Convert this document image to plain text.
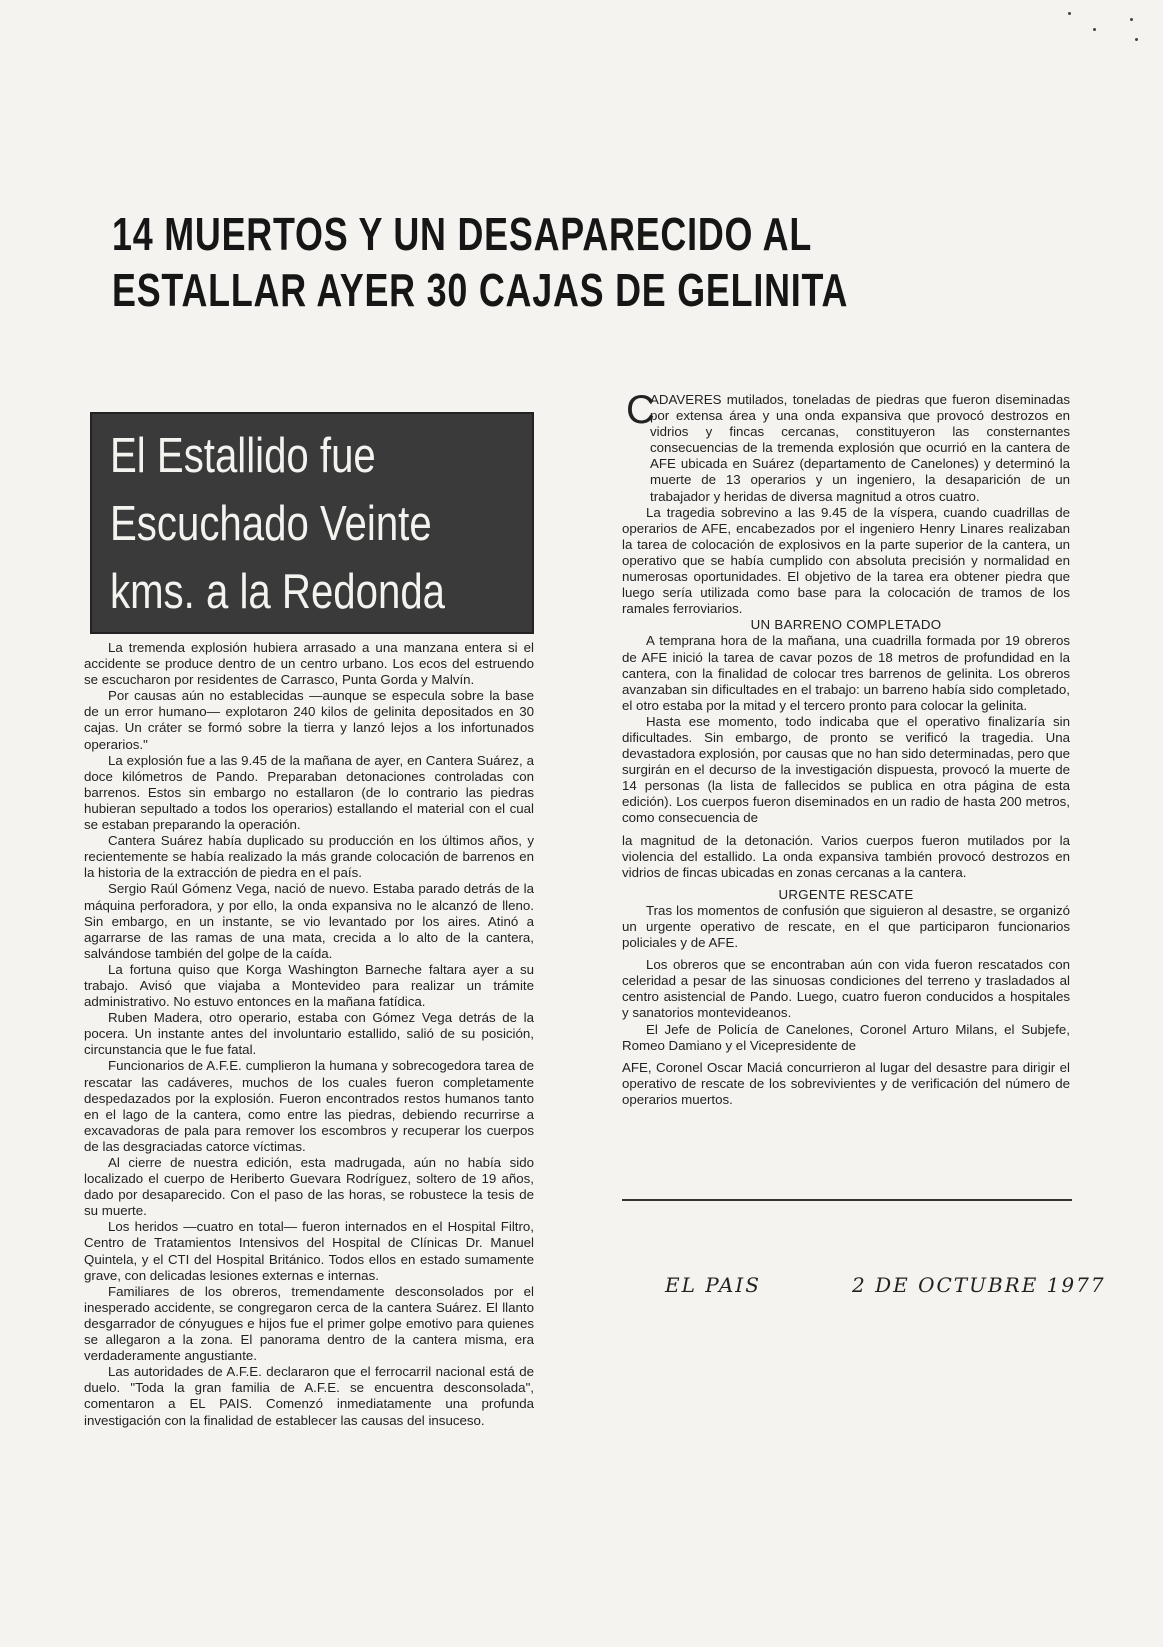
14 MUERTOS Y UN DESAPARECIDO AL
ESTALLAR AYER 30 CAJAS DE GELINITA
El Estallido fue
Escuchado Veinte
kms. a la Redonda

La tremenda explosión hubiera arrasado a una manzana entera si el accidente se produce dentro de un centro urbano. Los ecos del estruendo se escucharon por residentes de Carrasco, Punta Gorda y Malvín.

Por causas aún no establecidas —aunque se especula sobre la base de un error humano— explotaron 240 kilos de gelinita depositados en 30 cajas. Un cráter se formó sobre la tierra y lanzó lejos a los infortunados operarios."

La explosión fue a las 9.45 de la mañana de ayer, en Cantera Suárez, a doce kilómetros de Pando. Preparaban detonaciones controladas con barrenos. Estos sin embargo no estallaron (de lo contrario las piedras hubieran sepultado a todos los operarios) estallando el material con el cual se estaban preparando la operación.

Cantera Suárez había duplicado su producción en los últimos años, y recientemente se había realizado la más grande colocación de barrenos en la historia de la extracción de piedra en el país.

Sergio Raúl Gómenz Vega, nació de nuevo. Estaba parado detrás de la máquina perforadora, y por ello, la onda expansiva no le alcanzó de lleno. Sin embargo, en un instante, se vio levantado por los aires. Atinó a agarrarse de las ramas de una mata, crecida a lo alto de la cantera, salvándose también del golpe de la caída.

La fortuna quiso que Korga Washington Barneche faltara ayer a su trabajo. Avisó que viajaba a Montevideo para realizar un trámite administrativo. No estuvo entonces en la mañana fatídica.

Ruben Madera, otro operario, estaba con Gómez Vega detrás de la pocera. Un instante antes del involuntario estallido, salió de su posición, circunstancia que le fue fatal.

Funcionarios de A.F.E. cumplieron la humana y sobrecogedora tarea de rescatar las cadáveres, muchos de los cuales fueron completamente despedazados por la explosión. Fueron encontrados restos humanos tanto en el lago de la cantera, como entre las piedras, debiendo recurrirse a excavadoras de pala para remover los escombros y recuperar los cuerpos de las desgraciadas catorce víctimas.

Al cierre de nuestra edición, esta madrugada, aún no había sido localizado el cuerpo de Heriberto Guevara Rodríguez, soltero de 19 años, dado por desaparecido. Con el paso de las horas, se robustece la tesis de su muerte.

Los heridos —cuatro en total— fueron internados en el Hospital Filtro, Centro de Tratamientos Intensivos del Hospital de Clínicas Dr. Manuel Quintela, y el CTI del Hospital Británico. Todos ellos en estado sumamente grave, con delicadas lesiones externas e internas.

Familiares de los obreros, tremendamente desconsolados por el inesperado accidente, se congregaron cerca de la cantera Suárez. El llanto desgarrador de cónyugues e hijos fue el primer golpe emotivo para quienes se allegaron a la zona. El panorama dentro de la cantera misma, era verdaderamente angustiante.

Las autoridades de A.F.E. declararon que el ferrocarril nacional está de duelo. "Toda la gran familia de A.F.E. se encuentra desconsolada", comentaron a EL PAIS. Comenzó inmediatamente una profunda investigación con la finalidad de establecer las causas del insuceso.

C

ADAVERES mutilados, toneladas de piedras que fueron diseminadas por extensa área y una onda expansiva que provocó destrozos en vidrios y fincas cercanas, constituyeron las consternantes consecuencias de la tremenda explosión que ocurrió en la cantera de AFE ubicada en Suárez (departamento de Canelones) y determinó la muerte de 13 operarios y un ingeniero, la desaparición de un trabajador y heridas de diversa magnitud a otros cuatro.

La tragedia sobrevino a las 9.45 de la víspera, cuando cuadrillas de operarios de AFE, encabezados por el ingeniero Henry Linares realizaban la tarea de colocación de explosivos en la parte superior de la cantera, un operativo que se había cumplido con absoluta precisión y normalidad en numerosas oportunidades. El objetivo de la tarea era obtener piedra que luego sería utilizada como base para la colocación de tramos de los ramales ferroviarios.

UN BARRENO COMPLETADO

A temprana hora de la mañana, una cuadrilla formada por 19 obreros de AFE inició la tarea de cavar pozos de 18 metros de profundidad en la cantera, con la finalidad de colocar tres barrenos de gelinita. Los obreros avanzaban sin dificultades en el trabajo: un barreno había sido completado, el otro estaba por la mitad y el tercero pronto para colocar la gelinita.

Hasta ese momento, todo indicaba que el operativo finalizaría sin dificultades. Sin embargo, de pronto se verificó la tragedia. Una devastadora explosión, por causas que no han sido determinadas, pero que surgirán en el decurso de la investigación dispuesta, provocó la muerte de 14 personas (la lista de fallecidos se publica en otra página de esta edición). Los cuerpos fueron diseminados en un radio de hasta 200 metros, como consecuencia de

la magnitud de la detonación. Varios cuerpos fueron mutilados por la violencia del estallido. La onda expansiva también provocó destrozos en vidrios de fincas ubicadas en zonas cercanas a la cantera.

URGENTE RESCATE

Tras los momentos de confusión que siguieron al desastre, se organizó un urgente operativo de rescate, en el que participaron funcionarios policiales y de AFE.

Los obreros que se encontraban aún con vida fueron rescatados con celeridad a pesar de las sinuosas condiciones del terreno y trasladados al centro asistencial de Pando. Luego, cuatro fueron conducidos a hospitales y sanatorios montevideanos.

El Jefe de Policía de Canelones, Coronel Arturo Milans, el Subjefe, Romeo Damiano y el Vicepresidente de

AFE, Coronel Oscar Maciá concurrieron al lugar del desastre para dirigir el operativo de rescate de los sobrevivientes y de verificación del número de operarios muertos.

EL PAIS	2 DE OCTUBRE 1977
